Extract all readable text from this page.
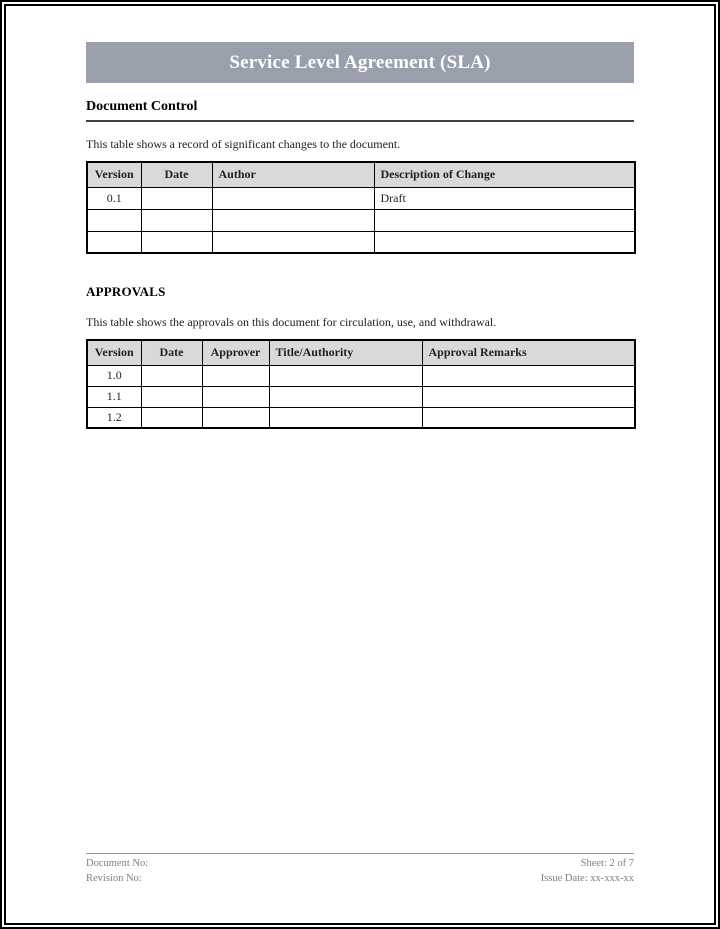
Service Level Agreement (SLA)
Document Control

This table shows a record of significant changes to the document.

Version	Date	Author	Description of Change
0.1			Draft

APPROVALS

This table shows the approvals on this document for circulation, use, and withdrawal.

Version	Date	Approver	Title/Authority	Approval Remarks
1.0				
1.1				
1.2				
Document No:
Revision No:
Sheet: 2 of 7
Issue Date: xx-xxx-xx
